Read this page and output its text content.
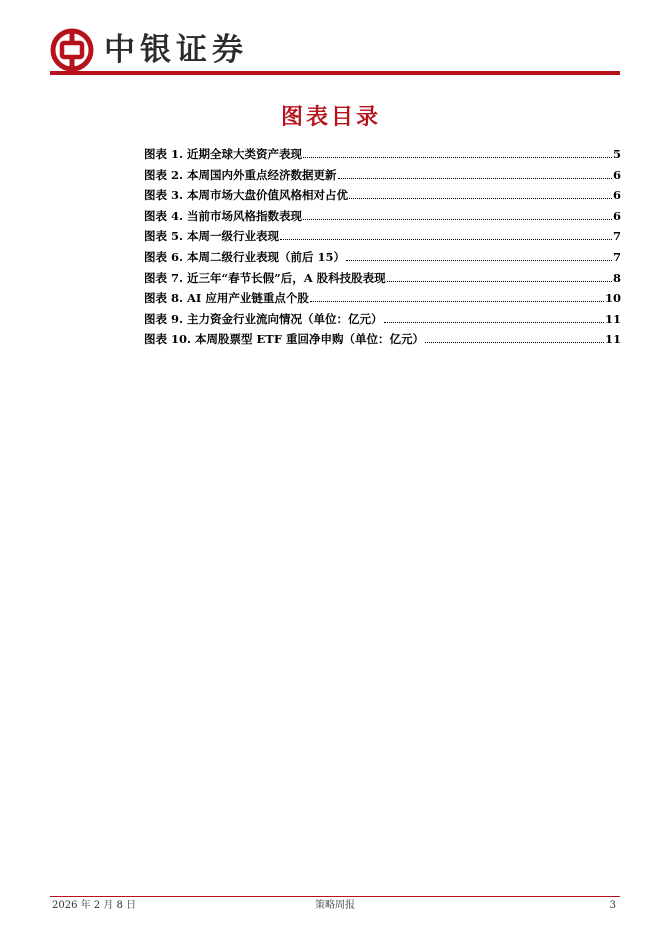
中银证券
图表目录
图表 1. 近期全球大类资产表现	5
图表 2. 本周国内外重点经济数据更新	6
图表 3. 本周市场大盘价值风格相对占优	6
图表 4. 当前市场风格指数表现	6
图表 5. 本周一级行业表现	7
图表 6. 本周二级行业表现（前后 15）	7
图表 7. 近三年“春节长假”后，A 股科技股表现	8
图表 8. AI 应用产业链重点个股	10
图表 9. 主力资金行业流向情况（单位：亿元）	11
图表 10. 本周股票型 ETF 重回净申购（单位：亿元）	11
2026 年 2 月 8 日	策略周报	3
